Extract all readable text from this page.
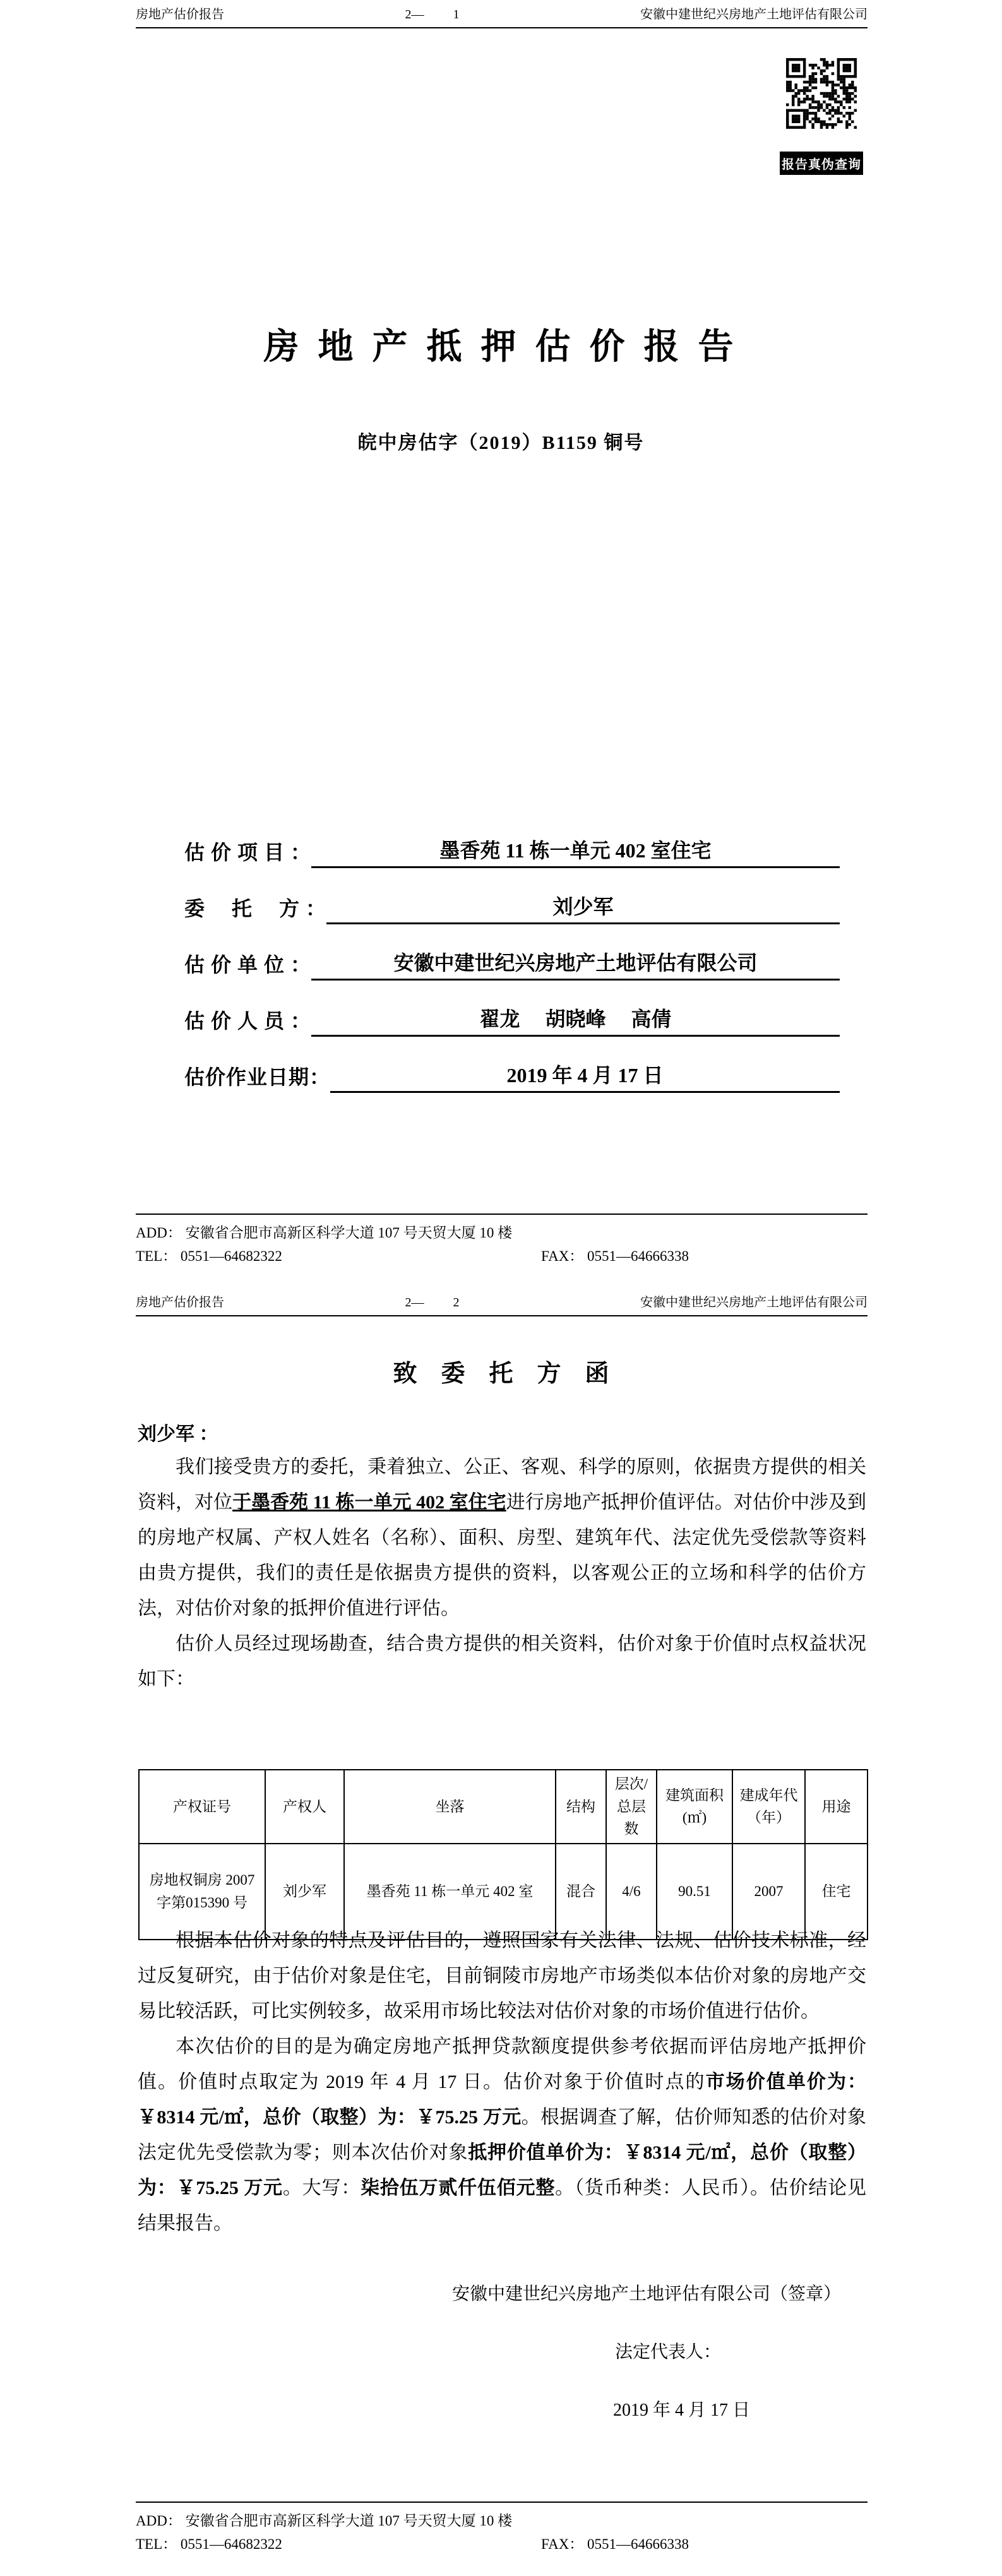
房地产估价报告	2— 1	安徽中建世纪兴房地产土地评估有限公司
报告真伪查询
房 地 产 抵 押 估 价 报 告
皖中房估字（2019）B1159 铜号
估 价 项 目 ：	墨香苑 11 栋一单元 402 室住宅
委　 托　 方 ：	刘少军
估 价 单 位 ：	安徽中建世纪兴房地产土地评估有限公司
估 价 人 员 ：	翟龙　 胡晓峰　 高倩
估价作业日期：	2019 年 4 月 17 日
ADD： 安徽省合肥市高新区科学大道 107 号天贸大厦 10 楼
TEL： 0551—64682322	FAX： 0551—64666338
房地产估价报告	2— 2	安徽中建世纪兴房地产土地评估有限公司
致　委　托　方　函
刘少军 ：

我们接受贵方的委托，秉着独立、公正、客观、科学的原则，依据贵方提供的相关资料，对位于墨香苑 11 栋一单元 402 室住宅进行房地产抵押价值评估。对估价中涉及到的房地产权属、产权人姓名（名称）、面积、房型、建筑年代、法定优先受偿款等资料由贵方提供，我们的责任是依据贵方提供的资料，以客观公正的立场和科学的估价方法，对估价对象的抵押价值进行评估。

估价人员经过现场勘查，结合贵方提供的相关资料，估价对象于价值时点权益状况如下：

产权证号	产权人	坐落	结构	层次/总层数	建筑面积(㎡)	建成年代（年）	用途
房地权铜房 2007 字第015390 号	刘少军	墨香苑 11 栋一单元 402 室	混合	4/6	90.51	2007	住宅

根据本估价对象的特点及评估目的，遵照国家有关法律、法规、估价技术标准，经过反复研究，由于估价对象是住宅，目前铜陵市房地产市场类似本估价对象的房地产交易比较活跃，可比实例较多，故采用市场比较法对估价对象的市场价值进行估价。

本次估价的目的是为确定房地产抵押贷款额度提供参考依据而评估房地产抵押价值。价值时点取定为 2019 年 4 月 17 日。估价对象于价值时点的市场价值单价为：￥8314 元/㎡，总价（取整）为：￥75.25 万元。根据调查了解，估价师知悉的估价对象法定优先受偿款为零；则本次估价对象抵押价值单价为：￥8314 元/㎡，总价（取整）为：￥75.25 万元。大写：柒拾伍万贰仟伍佰元整。（货币种类：人民币）。估价结论见结果报告。

安徽中建世纪兴房地产土地评估有限公司（签章）
法定代表人：
2019 年 4 月 17 日
ADD： 安徽省合肥市高新区科学大道 107 号天贸大厦 10 楼
TEL： 0551—64682322	FAX： 0551—64666338
